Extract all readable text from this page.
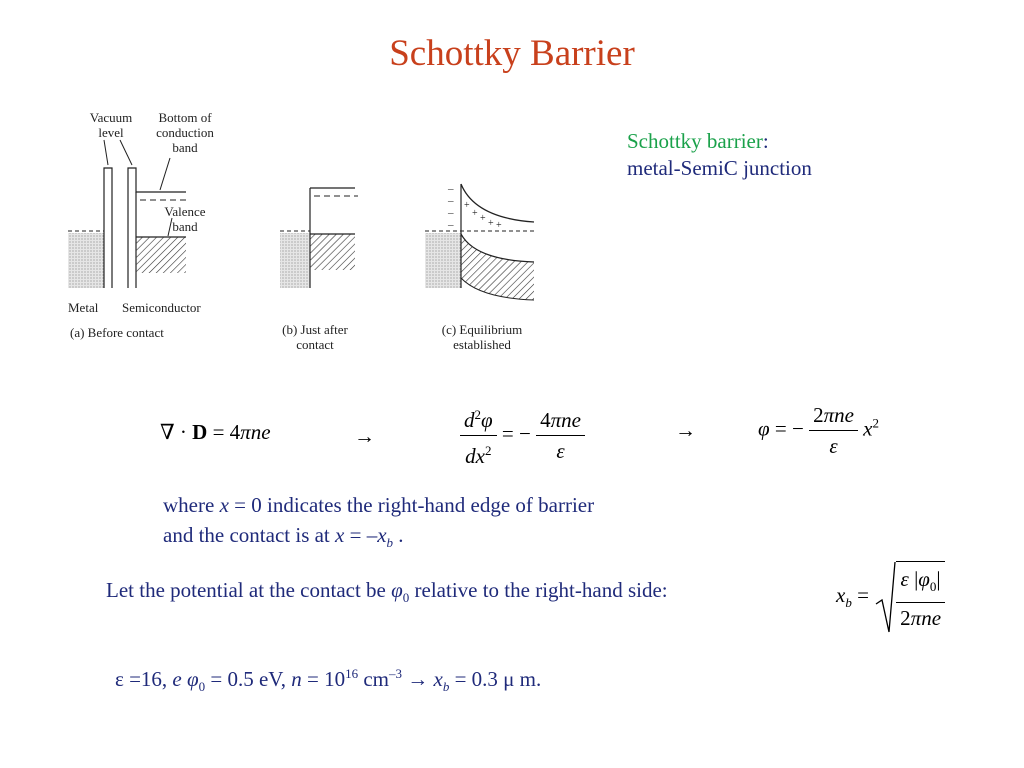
Schottky Barrier
Schottky barrier:
metal-SemiC junction
–
–
–
–
+
+ + + +
Vacuum
level
Bottom of
conduction
band
Valence
band
Metal Semiconductor
(a) Before contact	(b) Just after
contact
(c) Equilibrium
established
∇ · D = 4πne	→	$\frac{d^2\varphi}{dx^2}$ = − $\frac{\text{4πne}}{\varepsilon}$	→	φ = − $\frac{\text{2πne}}{\varepsilon} x^2$
where x = 0 indicates the right-hand edge of barrier
and the contact is at $x = -x_b$ .
Let the potential at the contact be $\varphi_0$ relative to the right-hand side:	$x_b = \frac{\varepsilon |\varphi_0|}{\text{2πne}}$
ε =16, e $\varphi_0 = 0.5$ eV, $n = 10^{16}$ $cm^{-3} \to x_b = 0.3$ μ m.
